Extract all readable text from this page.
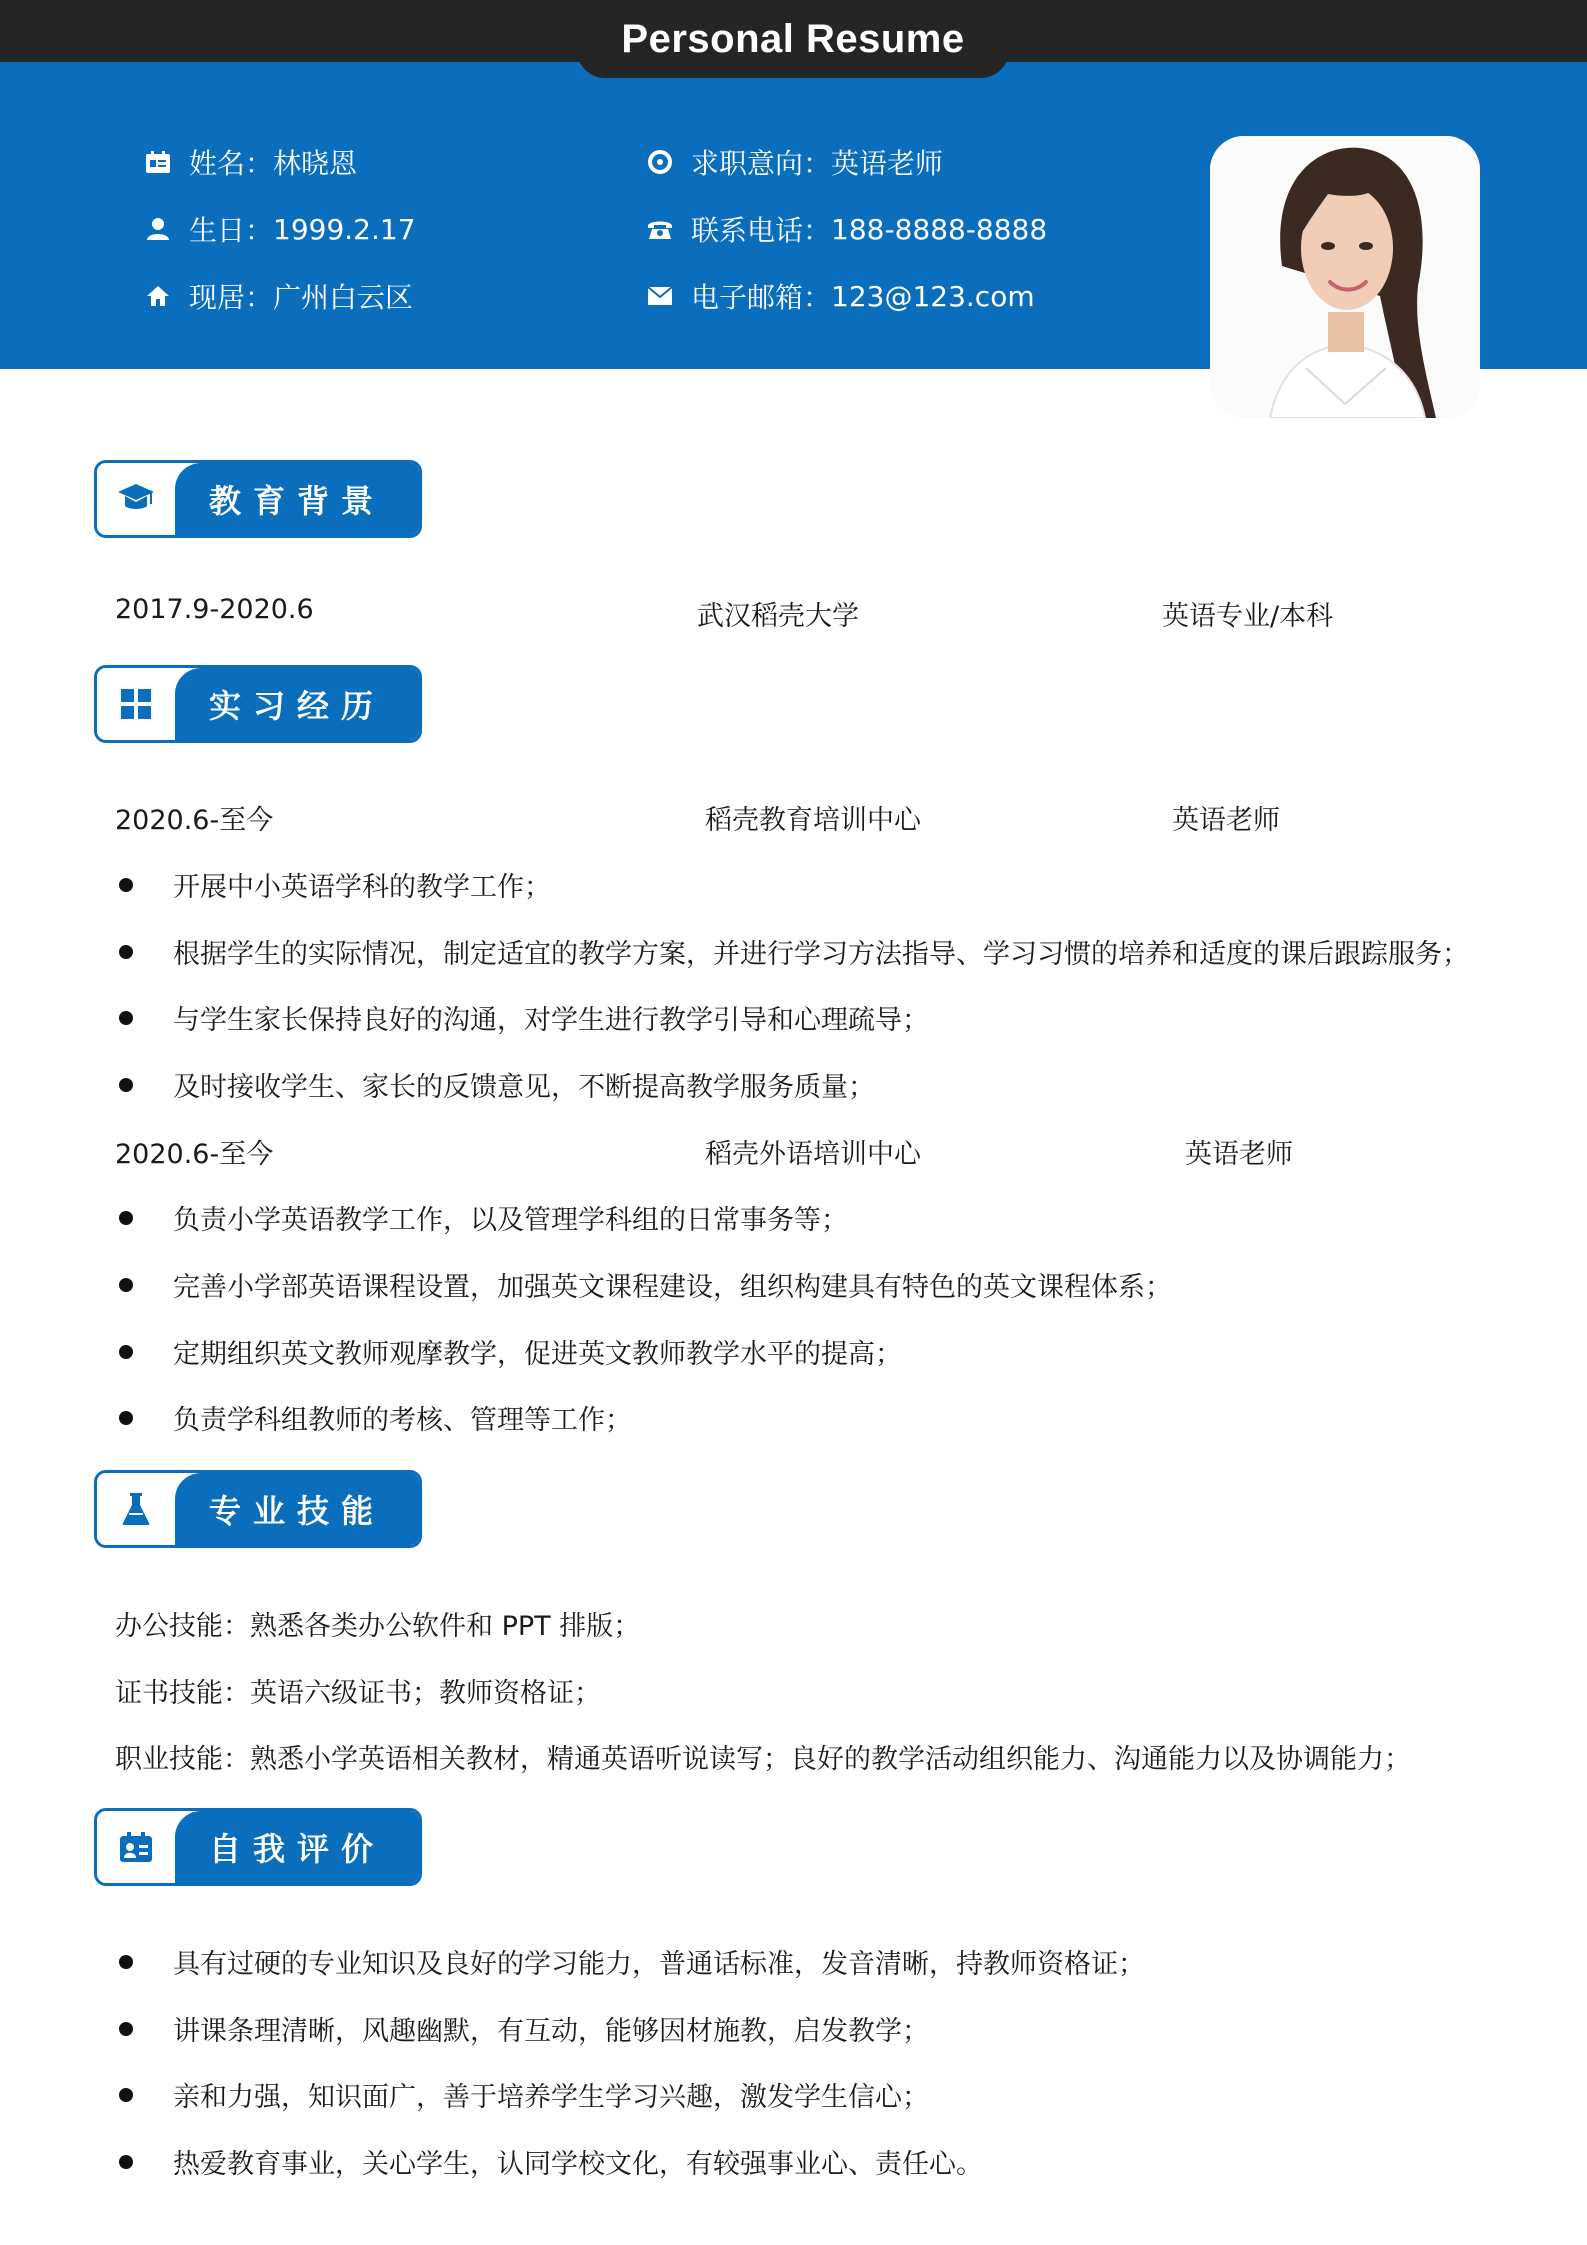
Personal Resume
姓名： 林晓恩
生日： 1999.2.17
现居： 广州白云区
求职意向： 英语老师
联系电话： 188-8888-8888
电子邮箱： 123@123.com
教育背景
2017.9-2020.6	武汉稻壳大学	英语专业/本科
实习经历
2020.6-至今	稻壳教育培训中心	英语老师
开展中小英语学科的教学工作；
根据学生的实际情况，制定适宜的教学方案，并进行学习方法指导、学习习惯的培养和适度的课后跟踪服务；
与学生家长保持良好的沟通，对学生进行教学引导和心理疏导；
及时接收学生、家长的反馈意见，不断提高教学服务质量；
2020.6-至今	稻壳外语培训中心	英语老师
负责小学英语教学工作，以及管理学科组的日常事务等；
完善小学部英语课程设置，加强英文课程建设，组织构建具有特色的英文课程体系；
定期组织英文教师观摩教学，促进英文教师教学水平的提高；
负责学科组教师的考核、管理等工作；
专业技能
办公技能：熟悉各类办公软件和 PPT 排版；
证书技能：英语六级证书；教师资格证；
职业技能：熟悉小学英语相关教材，精通英语听说读写；良好的教学活动组织能力、沟通能力以及协调能力；
自我评价
具有过硬的专业知识及良好的学习能力，普通话标准，发音清晰，持教师资格证；
讲课条理清晰，风趣幽默，有互动，能够因材施教，启发教学；
亲和力强，知识面广，善于培养学生学习兴趣，激发学生信心；
热爱教育事业，关心学生，认同学校文化，有较强事业心、责任心。
